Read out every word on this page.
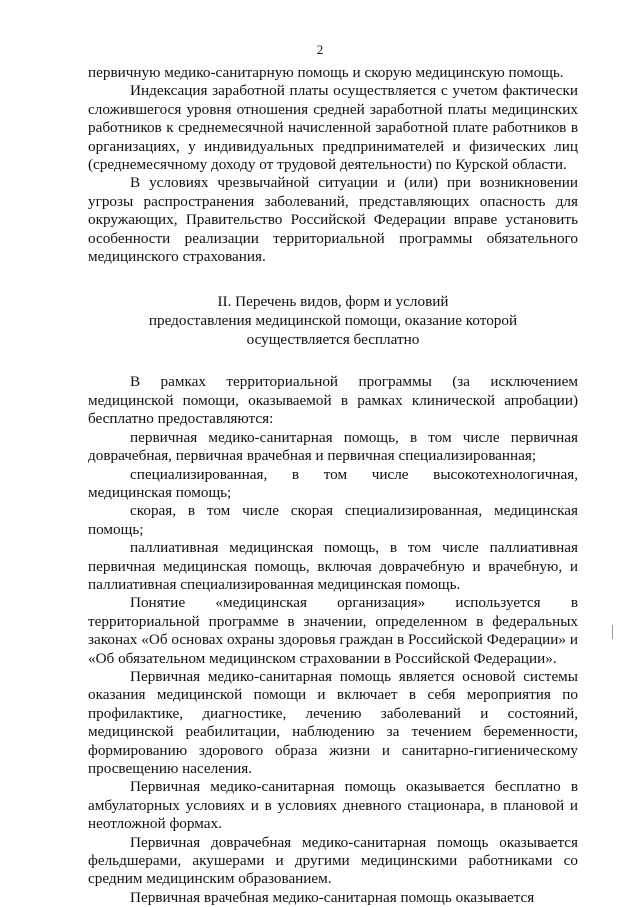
2

первичную медико-санитарную помощь и скорую медицинскую помощь.

Индексация заработной платы осуществляется с учетом фактически сложившегося уровня отношения средней заработной платы медицинских работников к среднемесячной начисленной заработной плате работников в организациях, у индивидуальных предпринимателей и физических лиц (среднемесячному доходу от трудовой деятельности) по Курской области.

В условиях чрезвычайной ситуации и (или) при возникновении угрозы распространения заболеваний, представляющих опасность для окружающих, Правительство Российской Федерации вправе установить особенности реализации территориальной программы обязательного медицинского страхования.

II. Перечень видов, форм и условий
предоставления медицинской помощи, оказание которой
осуществляется бесплатно

В рамках территориальной программы (за исключением медицинской помощи, оказываемой в рамках клинической апробации) бесплатно предоставляются:

первичная медико-санитарная помощь, в том числе первичная доврачебная, первичная врачебная и первичная специализированная;

специализированная, в том числе высокотехнологичная, медицинская помощь;

скорая, в том числе скорая специализированная, медицинская помощь;

паллиативная медицинская помощь, в том числе паллиативная первичная медицинская помощь, включая доврачебную и врачебную, и паллиативная специализированная медицинская помощь.

Понятие «медицинская организация» используется в территориальной программе в значении, определенном в федеральных законах «Об основах охраны здоровья граждан в Российской Федерации» и «Об обязательном медицинском страховании в Российской Федерации».

Первичная медико-санитарная помощь является основой системы оказания медицинской помощи и включает в себя мероприятия по профилактике, диагностике, лечению заболеваний и состояний, медицинской реабилитации, наблюдению за течением беременности, формированию здорового образа жизни и санитарно-гигиеническому просвещению населения.

Первичная медико-санитарная помощь оказывается бесплатно в амбулаторных условиях и в условиях дневного стационара, в плановой и неотложной формах.

Первичная доврачебная медико-санитарная помощь оказывается фельдшерами, акушерами и другими медицинскими работниками со средним медицинским образованием.

Первичная врачебная медико-санитарная помощь оказывается
